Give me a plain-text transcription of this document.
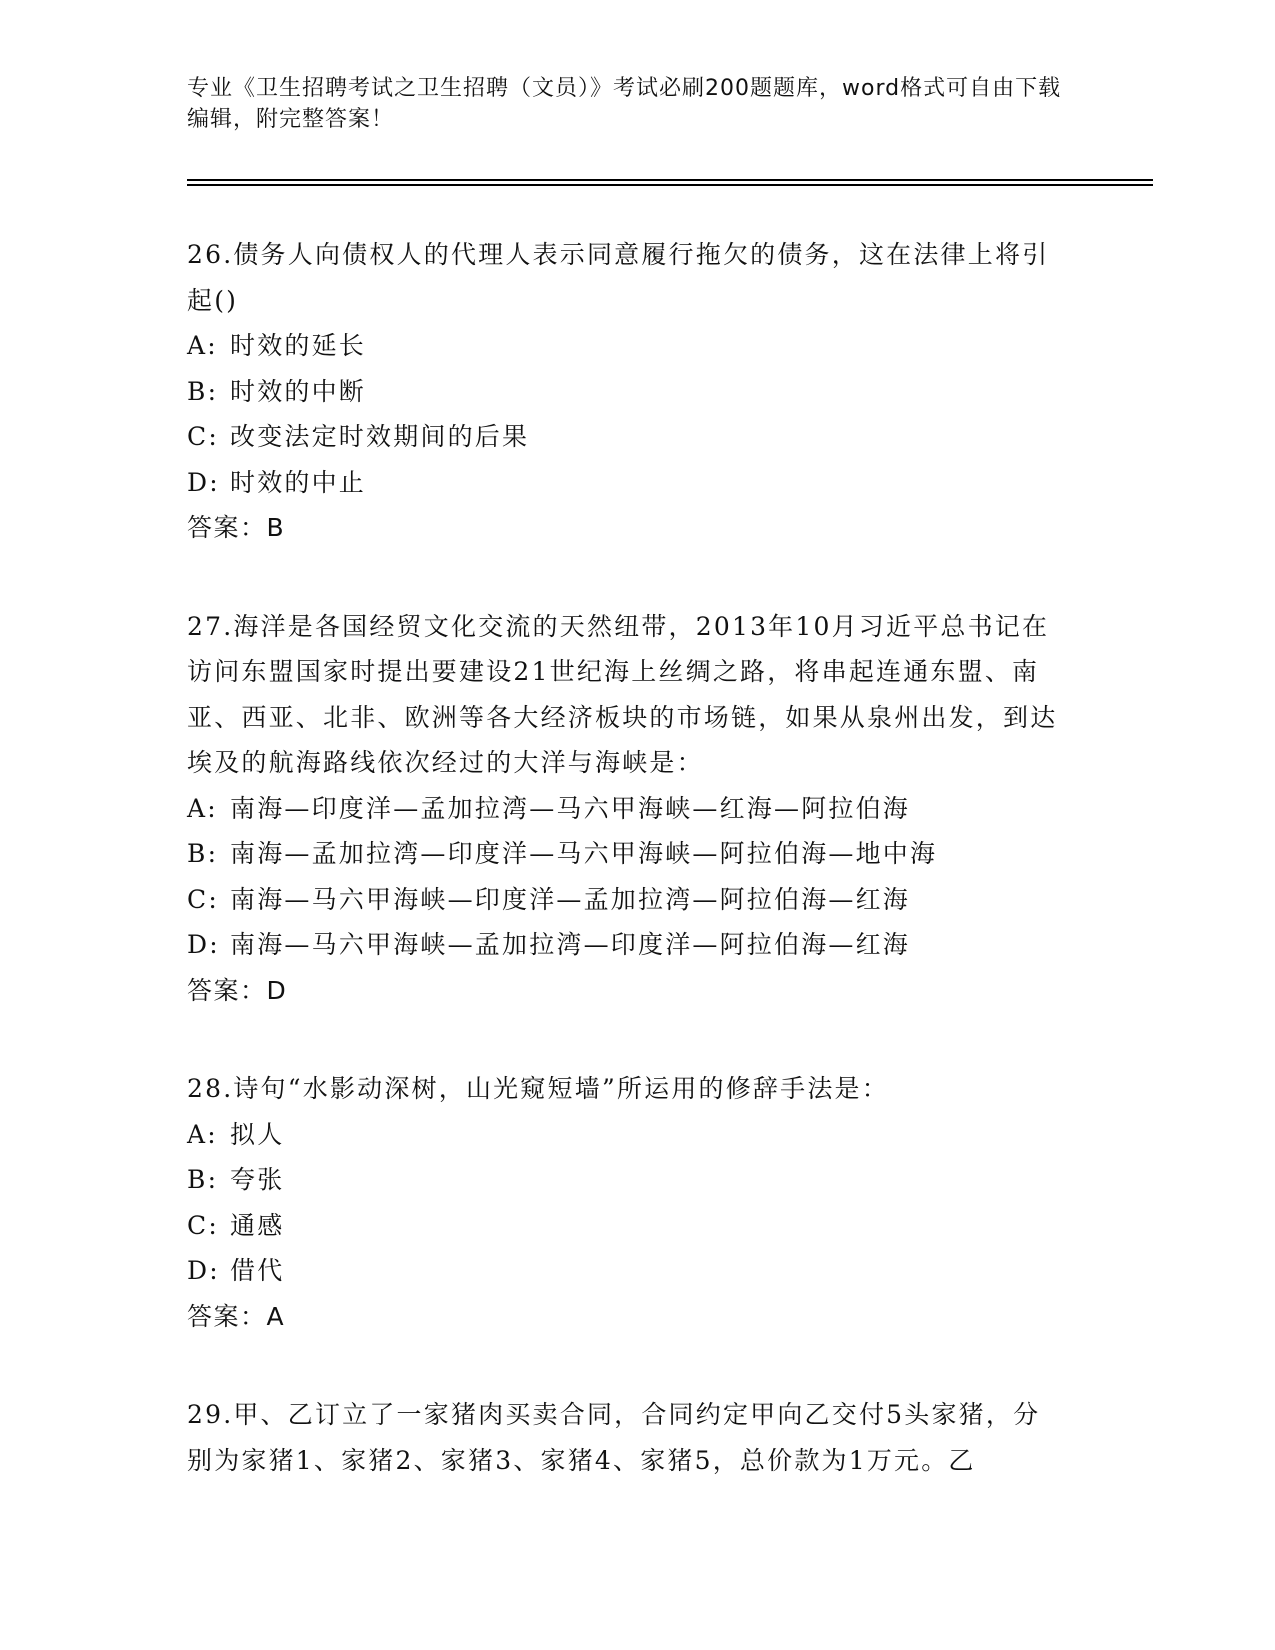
专业《卫生招聘考试之卫生招聘（文员）》考试必刷200题题库，word格式可自由下载编辑，附完整答案！
26.债务人向债权人的代理人表示同意履行拖欠的债务，这在法律上将引起()
A: 时效的延长
B: 时效的中断
C: 改变法定时效期间的后果
D: 时效的中止
答案：B
27.海洋是各国经贸文化交流的天然纽带，2013年10月习近平总书记在访问东盟国家时提出要建设21世纪海上丝绸之路，将串起连通东盟、南亚、西亚、北非、欧洲等各大经济板块的市场链，如果从泉州出发，到达埃及的航海路线依次经过的大洋与海峡是：
A: 南海—印度洋—孟加拉湾—马六甲海峡—红海—阿拉伯海
B: 南海—孟加拉湾—印度洋—马六甲海峡—阿拉伯海—地中海
C: 南海—马六甲海峡—印度洋—孟加拉湾—阿拉伯海—红海
D: 南海—马六甲海峡—孟加拉湾—印度洋—阿拉伯海—红海
答案：D
28.诗句“水影动深树，山光窥短墙”所运用的修辞手法是：
A: 拟人
B: 夸张
C: 通感
D: 借代
答案：A
29.甲、乙订立了一家猪肉买卖合同，合同约定甲向乙交付5头家猪，分别为家猪1、家猪2、家猪3、家猪4、家猪5，总价款为1万元。乙
